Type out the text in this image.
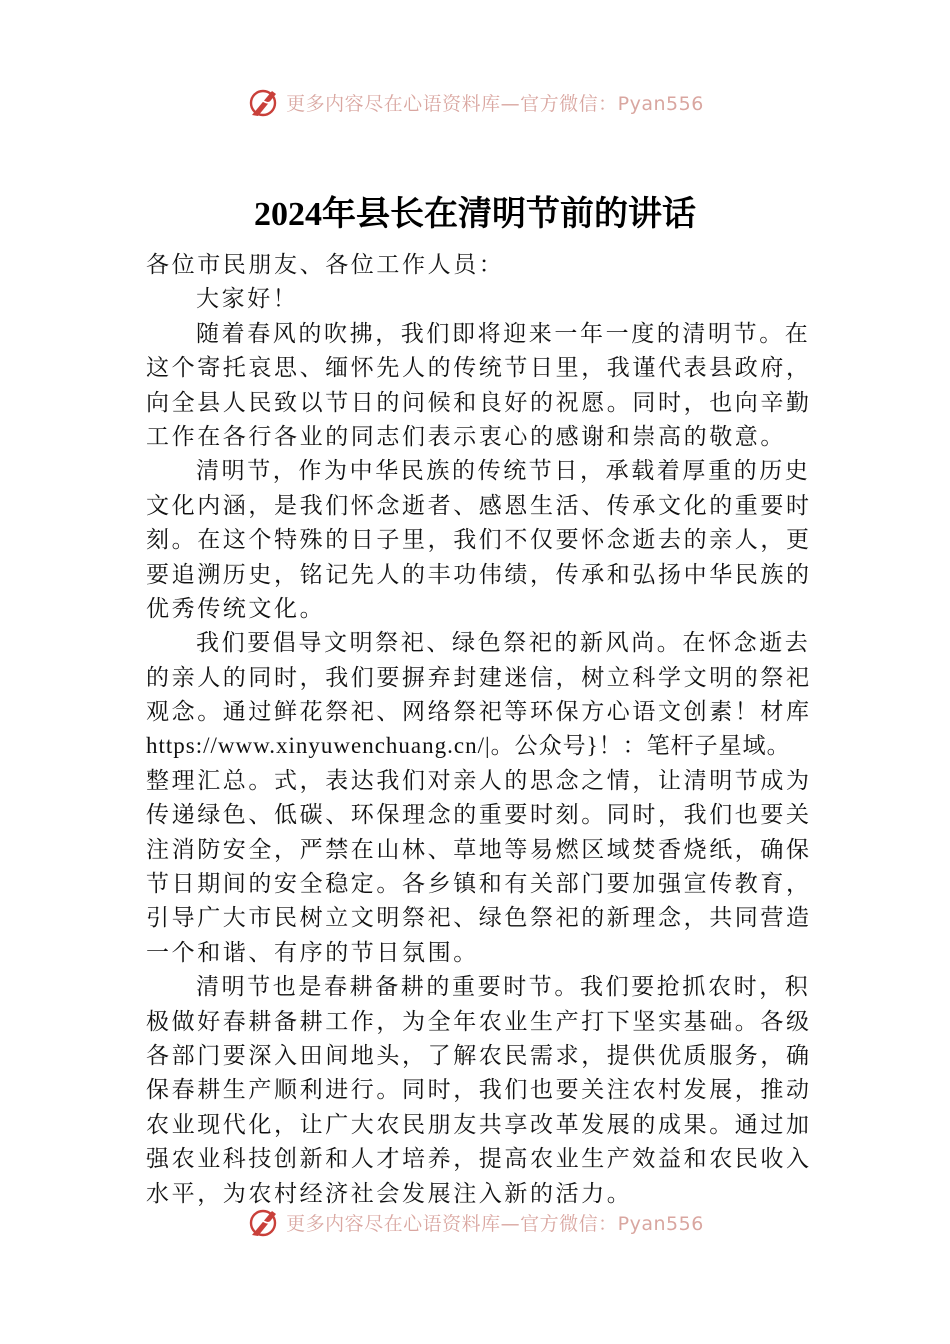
更多内容尽在心语资料库—官方微信：Pyan556
2024年县长在清明节前的讲话
各位市民朋友、各位工作人员：
大家好！
随着春风的吹拂，我们即将迎来一年一度的清明节。在
这个寄托哀思、缅怀先人的传统节日里，我谨代表县政府，
向全县人民致以节日的问候和良好的祝愿。同时，也向辛勤
工作在各行各业的同志们表示衷心的感谢和崇高的敬意。
清明节，作为中华民族的传统节日，承载着厚重的历史
文化内涵，是我们怀念逝者、感恩生活、传承文化的重要时
刻。在这个特殊的日子里，我们不仅要怀念逝去的亲人，更
要追溯历史，铭记先人的丰功伟绩，传承和弘扬中华民族的
优秀传统文化。
我们要倡导文明祭祀、绿色祭祀的新风尚。在怀念逝去
的亲人的同时，我们要摒弃封建迷信，树立科学文明的祭祀
观念。通过鲜花祭祀、网络祭祀等环保方心语文创素！材库
https://www.xinyuwenchuang.cn/|。公众号}！：笔杆子星域。
整理汇总。式，表达我们对亲人的思念之情，让清明节成为
传递绿色、低碳、环保理念的重要时刻。同时，我们也要关
注消防安全，严禁在山林、草地等易燃区域焚香烧纸，确保
节日期间的安全稳定。各乡镇和有关部门要加强宣传教育，
引导广大市民树立文明祭祀、绿色祭祀的新理念，共同营造
一个和谐、有序的节日氛围。
清明节也是春耕备耕的重要时节。我们要抢抓农时，积
极做好春耕备耕工作，为全年农业生产打下坚实基础。各级
各部门要深入田间地头，了解农民需求，提供优质服务，确
保春耕生产顺利进行。同时，我们也要关注农村发展，推动
农业现代化，让广大农民朋友共享改革发展的成果。通过加
强农业科技创新和人才培养，提高农业生产效益和农民收入
水平，为农村经济社会发展注入新的活力。
更多内容尽在心语资料库—官方微信：Pyan556
